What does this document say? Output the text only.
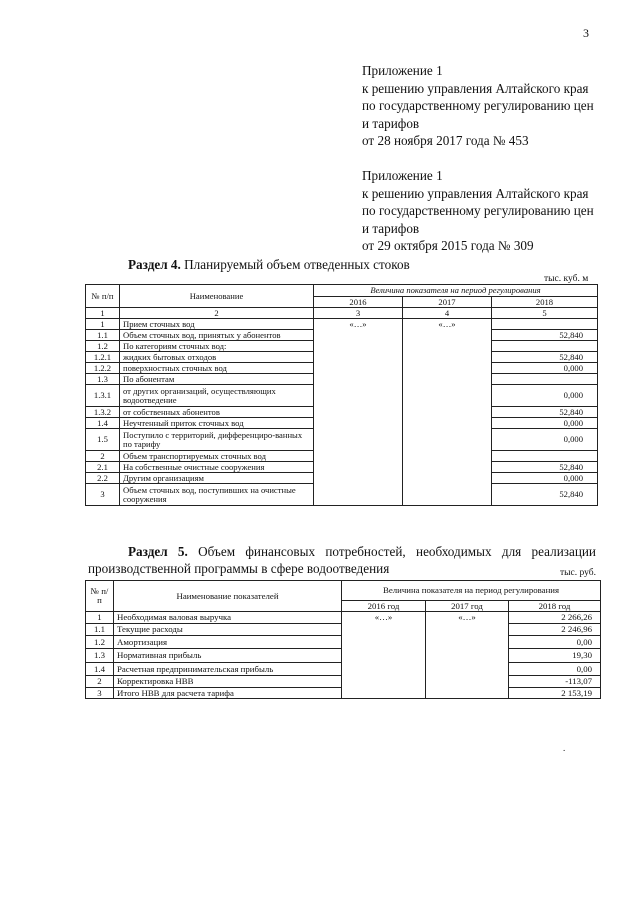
3
Приложение 1
к решению управления Алтайского края
по государственному регулированию цен
и тарифов
от 28 ноября 2017 года № 453
Приложение 1
к решению управления Алтайского края
по государственному регулированию цен
и тарифов
от 29 октября 2015 года № 309
Раздел 4. Планируемый объем отведенных стоков
тыс. куб. м
№ п/п	Наименование	Величина показателя на период регулирования		
		2016	2017	2018
1	2	3	4	5
1	Прием сточных вод	«…»	«…»	
1.1	Объем сточных вод, принятых у абонентов			52,840
1.2	По категориям сточных вод:			
1.2.1	жидких бытовых отходов			52,840
1.2.2	поверхностных сточных вод			0,000
1.3	По абонентам			
1.3.1	от других организаций, осуществляющих водоотведение			0,000
1.3.2	от собственных абонентов			52,840
1.4	Неучтенный приток сточных вод			0,000
1.5	Поступило с территорий, дифференциро-ванных по тарифу			0,000
2	Объем транспортируемых сточных вод			
2.1	На собственные очистные сооружения			52,840
2.2	Другим организациям			0,000
3	Объем сточных вод, поступивших на очистные сооружения			52,840
Раздел 5. Объем финансовых потребностей, необходимых для реализации производственной программы в сфере водоотведения	тыс. руб.
№ п/п	Наименование показателей	Величина показателя на период регулирования		
		2016 год	2017 год	2018 год
1	Необходимая валовая выручка	«…»	«…»	2 266,26
1.1	Текущие расходы			2 246,96
1.2	Амортизация			0,00
1.3	Нормативная прибыль			19,30
1.4	Расчетная предпринимательская прибыль			0,00
2	Корректировка НВВ			-113,07
3	Итого НВВ для расчета тарифа			2 153,19
.
